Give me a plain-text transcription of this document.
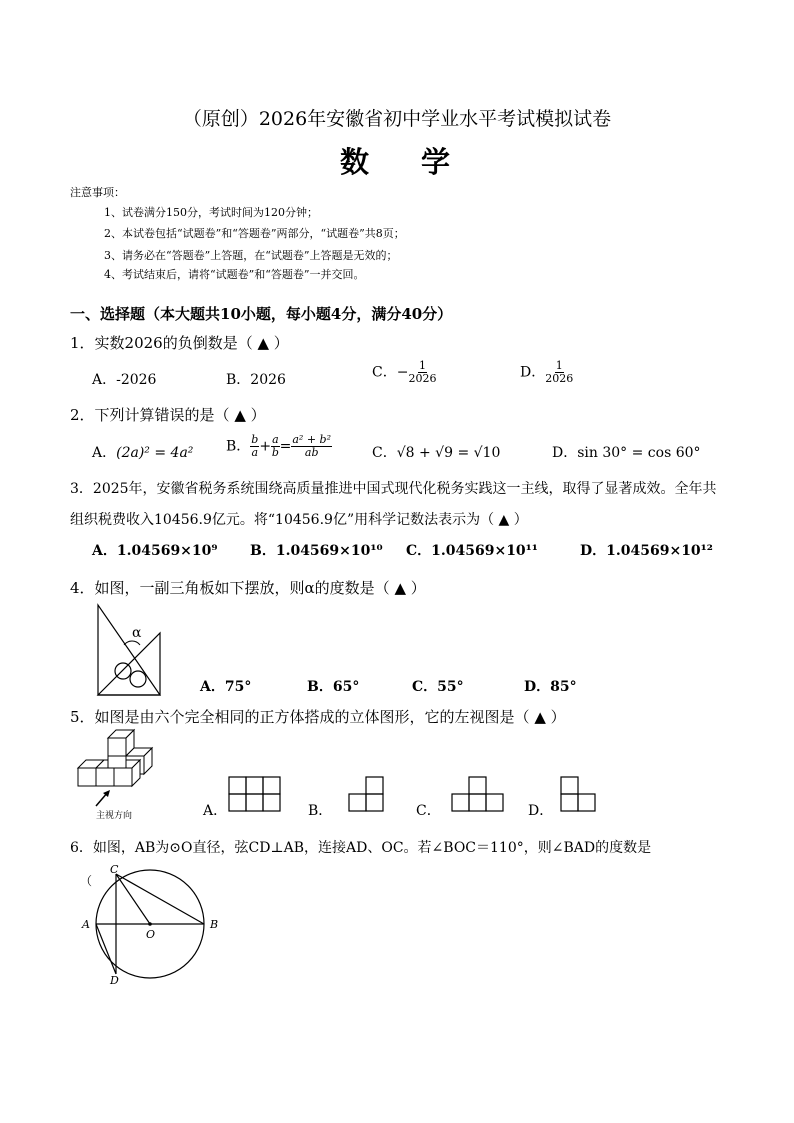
（原创）2026年安徽省初中学业水平考试模拟试卷
数 学
注意事项：
1、试卷满分150分，考试时间为120分钟；
2、本试卷包括“试题卷”和“答题卷”两部分，“试题卷”共8页；
3、请务必在“答题卷”上答题，在“试题卷”上答题是无效的；
4、考试结束后，请将“试题卷”和“答题卷”一并交回。
一、选择题（本大题共10小题，每小题4分，满分40分）
1．实数2026的负倒数是（ ▲ ）
A．-2026	B．2026	C．− $\frac{1}{2026}$	D． $\frac{1}{2026}$
2．下列计算错误的是（ ▲ ）
A．(2a)² = 4a² B． $\frac{b}{a} + \frac{a}{b} = \frac{\text{a² + b²}}{ab}$	C．√8 + √9 = √10	D．sin 30° = cos 60°
3．2025年，安徽省税务系统围绕高质量推进中国式现代化税务实践这一主线，取得了显著成效。全年共
组织税费收入10456.9亿元。将“10456.9亿”用科学记数法表示为（ ▲ ）
A．1.04569×10⁹ B．1.04569×10¹⁰ C．1.04569×10¹¹	D．1.04569×10¹²
4．如图，一副三角板如下摆放，则α的度数是（ ▲ ）
α
A．75°	B．65°	C．55°	D．85°
5．如图是由六个完全相同的正方体搭成的立体图形，它的左视图是（ ▲ ）
主视方向	A．	B．	C．	D．
6．如图，AB为⊙O直径，弦CD⊥AB，连接AD、OC。若∠BOC＝110°，则∠BAD的度数是
（
C
A
O
B
D
